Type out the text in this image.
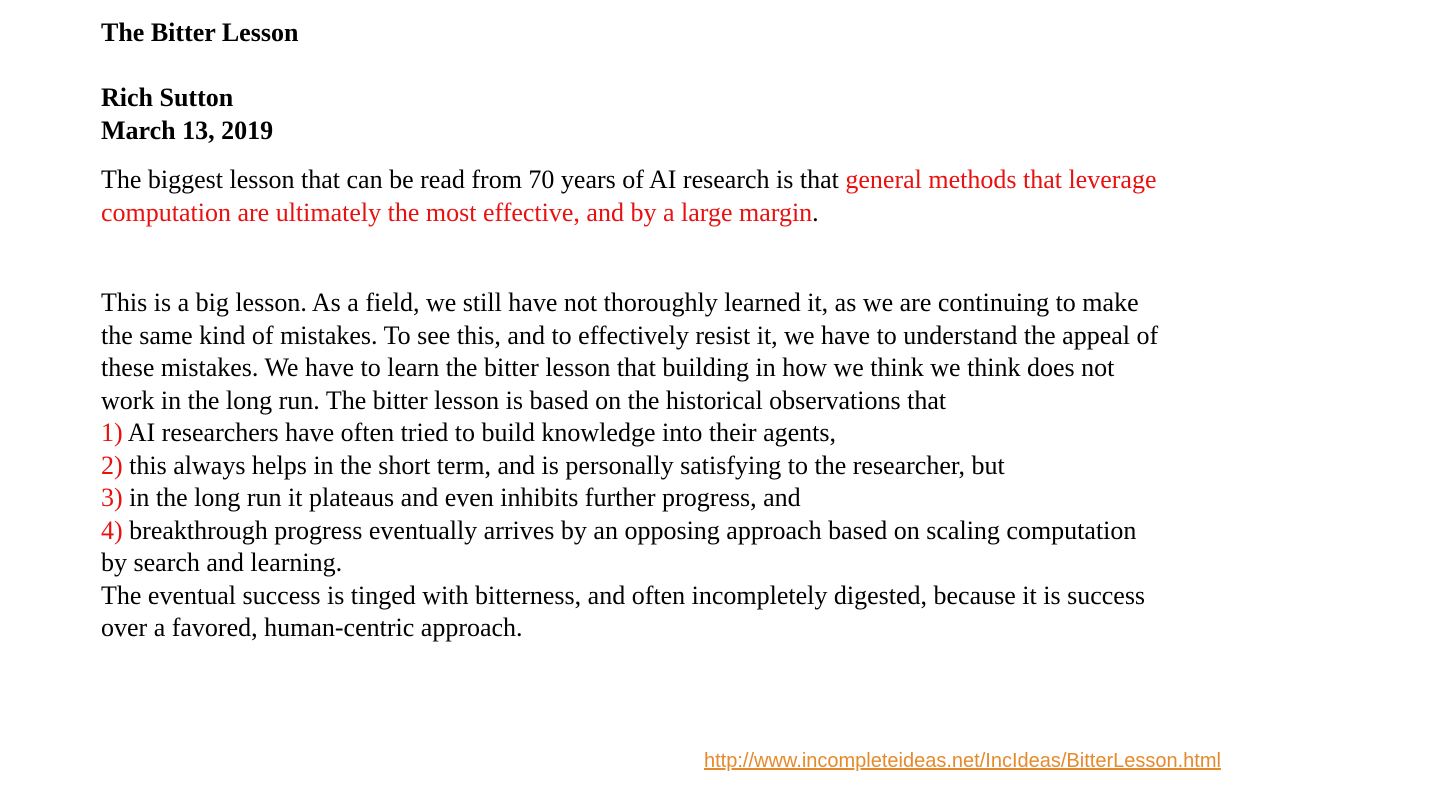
The Bitter Lesson
Rich Sutton
March 13, 2019
The biggest lesson that can be read from 70 years of AI research is that general methods that leverage computation are ultimately the most effective, and by a large margin.
This is a big lesson. As a field, we still have not thoroughly learned it, as we are continuing to make the same kind of mistakes. To see this, and to effectively resist it, we have to understand the appeal of these mistakes. We have to learn the bitter lesson that building in how we think we think does not work in the long run. The bitter lesson is based on the historical observations that
1) AI researchers have often tried to build knowledge into their agents,
2) this always helps in the short term, and is personally satisfying to the researcher, but
3) in the long run it plateaus and even inhibits further progress, and
4) breakthrough progress eventually arrives by an opposing approach based on scaling computation by search and learning.
The eventual success is tinged with bitterness, and often incompletely digested, because it is success over a favored, human-centric approach.
http://www.incompleteideas.net/IncIdeas/BitterLesson.html
